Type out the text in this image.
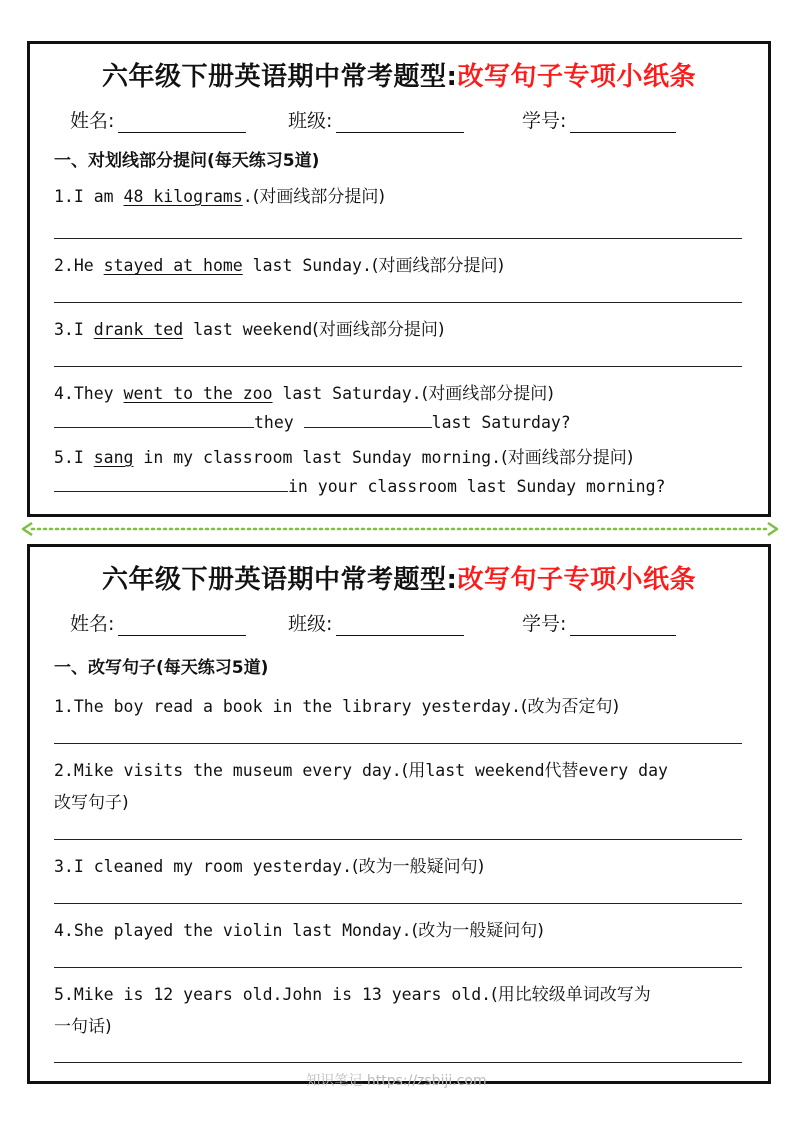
六年级下册英语期中常考题型:改写句子专项小纸条
姓名:	班级:	学号:
一、对划线部分提问(每天练习5道)
1.I am 48 kilograms.(对画线部分提问)
2.He stayed at home last Sunday.(对画线部分提问)
3.I drank ted last weekend(对画线部分提问)
4.They went to the zoo last Saturday.(对画线部分提问)
they	last Saturday?
5.I sang in my classroom last Sunday morning.(对画线部分提问)
in your classroom last Sunday morning?
六年级下册英语期中常考题型:改写句子专项小纸条
姓名:	班级:	学号:
一、改写句子(每天练习5道)
1.The boy read a book in the library yesterday.(改为否定句)
2.Mike visits the museum every day.(用last weekend代替every day
改写句子)
3.I cleaned my room yesterday.(改为一般疑问句)
4.She played the violin last Monday.(改为一般疑问句)
5.Mike is 12 years old.John is 13 years old.(用比较级单词改写为
一句话)
知识笔记 https://zsbiji.com
